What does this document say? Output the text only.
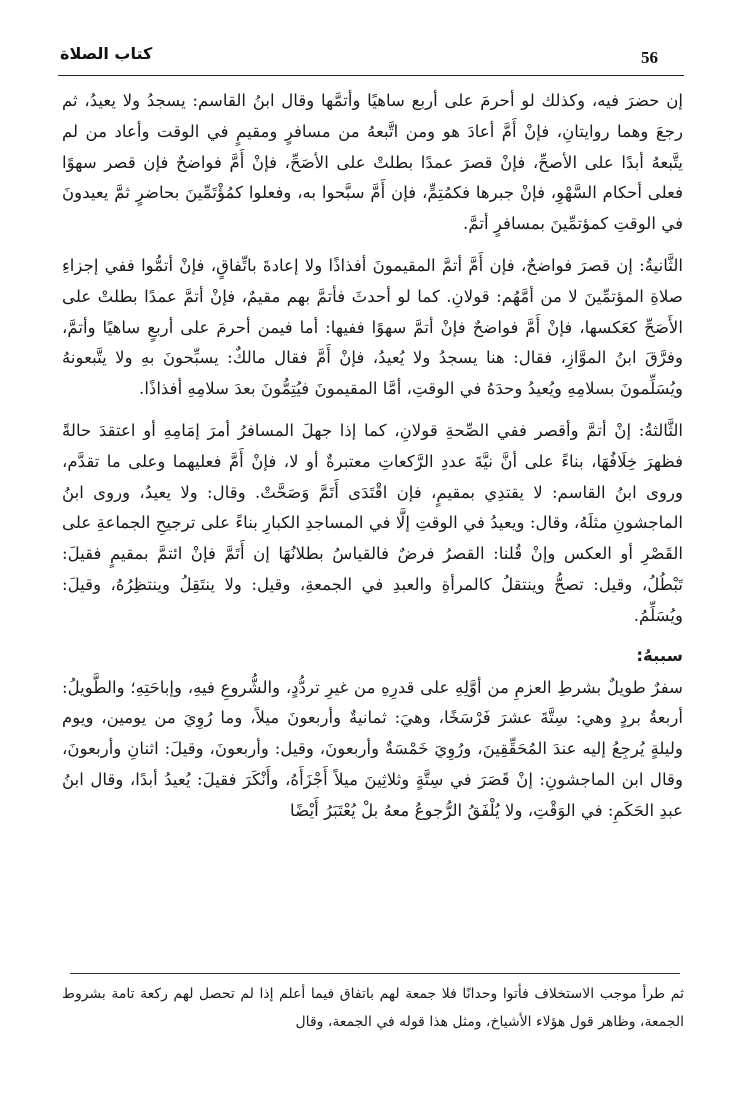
56
كتاب الصلاة

إن حضرَ فيه، وكذلك لو أحرمَ على أربع ساهيًا وأتمَّها وقال ابنُ القاسم: يسجدُ ولا يعيدُ، ثم رجعَ وهما روايتانِ، فإنْ أَمَّ أعادَ هو ومن اتَّبعهُ من مسافرٍ ومقيمٍ في الوقت وأعاد من لم يتَّبعهُ أبدًا على الأصحِّ، فإنْ قصرَ عمدًا بطلتْ على الأصَحِّ، فإنْ أَمَّ فواضحٌ فإن قصر سهوًا فعلى أحكام السَّهْوِ، فإنْ جبرها فكمُتِمٍّ، فإن أَمَّ سبَّحوا به، وفعلوا كمُؤْتَمِّينَ بحاضرٍ ثمَّ يعيدونَ في الوقتِ كمؤتمِّينَ بمسافرٍ أتمَّ.

الثَّانيةُ: إن قصرَ فواضحٌ، فإن أَمَّ أتمَّ المقيمونَ أفذاذًا ولا إعادةَ باتِّفاقٍ، فإنْ أتمُّوا ففي إجزاءِ صلاةِ المؤتمِّينَ لا من أمَّهُم: قولانِ. كما لو أحدثَ فأتمَّ بهم مقيمٌ، فإنْ أتمَّ عمدًا بطلتْ على الأَصَحِّ كعَكسها، فإنْ أَمَّ فواضحٌ فإنْ أتمَّ سهوًا ففيها: أما فيمن أحرمَ على أربعٍ ساهيًا وأتمَّ، وفرَّقَ ابنُ الموَّازِ، فقال: هنا يسجدُ ولا يُعيدُ، فإنْ أَمَّ فقال مالكٌ: يسبِّحونَ بهِ ولا يتَّبعونهُ ويُسَلِّمونَ بسلامِهِ ويُعيدُ وحدَهُ في الوقتِ، أمَّا المقيمونَ فيُتِمُّونَ بعدَ سلامِهِ أفذاذًا.

الثَّالثةُ: إنْ أتمَّ وأقصر ففي الصِّحةِ قولانِ، كما إذا جهلَ المسافرُ أمرَ إمَامِهِ أو اعتقدَ حالةً فظهرَ خِلَافُهَا، بناءً على أنَّ نيَّةَ عددِ الرَّكعاتِ معتبرةٌ أو لا، فإنْ أَمَّ فعليهما وعلى ما تقدَّم، وروى ابنُ القاسم: لا يقتدِي بمقيمٍ، فإن اقْتَدَى أَتَمَّ وَصَحَّتْ. وقال: ولا يعيدُ، وروى ابنُ الماجشونِ مثلَهُ، وقال: ويعيدُ في الوقتِ إلَّا في المساجدِ الكبارِ بناءً على ترجيحِ الجماعةِ على القَصْرِ أو العكس وإنْ قُلنا: القصرُ فرضٌ فالقياسُ بطلانُهَا إن أَتَمَّ فإنْ ائتمَّ بمقيمٍ فقيلَ: تَبْطُلُ، وقيل: تصحُّ وينتقلُ كالمرأةِ والعبدِ في الجمعةِ، وقيل: ولا ينتَقِلُ وينتظِرُهُ، وقيلَ: ويُسَلِّمُ.

سببهُ:

سفرٌ طويلٌ بشرطِ العزمِ من أوَّلِهِ على قدرِهِ من غيرِ تردُّدٍ، والشُّروعِ فيهِ، وإباحَتِهِ؛ والطَّويلُ: أربعةُ بردٍ وهي: سِتَّةَ عشرَ فَرْسَخًا، وهيَ: ثمانيةٌ وأربعونَ ميلاً، وما رُوِيَ من يومين، ويوم وليلةٍ يُرجِعُ إليه عندَ المُحَقِّقِينَ، ورُوِيَ خَمْسَةٌ وأربعونَ، وقيل: وأربعونَ، وقيلَ: اثنانِ وأربعونَ، وقال ابن الماجشونِ: إنْ قَصَرَ في سِتَّةٍ وثلاثِينَ ميلاً أَجْزَأَهُ، وأَنْكَرَ فقيلَ: يُعيدُ أبدًا، وقال ابنُ عبدِ الحَكَمِ: في الوَقْتِ، ولا يُلْفَقُ الرُّجوعُ معهُ بلْ يُعْتَبَرُ أَيْضًا

ثم طرأ موجب الاستخلاف فأتوا وحدانًا فلا جمعة لهم باتفاق فيما أعلم إذا لم تحصل لهم ركعة تامة بشروط الجمعة، وظاهر قول هؤلاء الأشياخ، ومثل هذا قوله في الجمعة، وقال
